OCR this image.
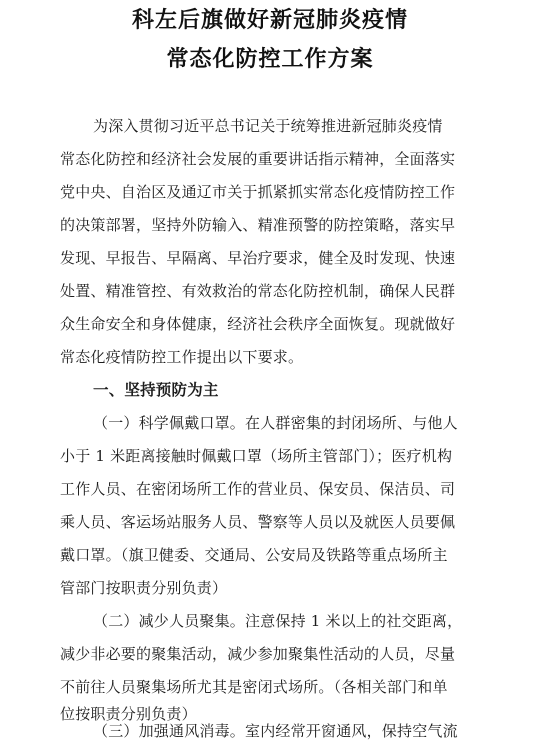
科左后旗做好新冠肺炎疫情
常态化防控工作方案
为深入贯彻习近平总书记关于统筹推进新冠肺炎疫情
常态化防控和经济社会发展的重要讲话指示精神，全面落实
党中央、自治区及通辽市关于抓紧抓实常态化疫情防控工作
的决策部署，坚持外防输入、精准预警的防控策略，落实早
发现、早报告、早隔离、早治疗要求，健全及时发现、快速
处置、精准管控、有效救治的常态化防控机制，确保人民群
众生命安全和身体健康，经济社会秩序全面恢复。现就做好
常态化疫情防控工作提出以下要求。
一、坚持预防为主
（一）科学佩戴口罩。在人群密集的封闭场所、与他人
小于 1 米距离接触时佩戴口罩（场所主管部门）；医疗机构
工作人员、在密闭场所工作的营业员、保安员、保洁员、司
乘人员、客运场站服务人员、警察等人员以及就医人员要佩
戴口罩。（旗卫健委、交通局、公安局及铁路等重点场所主
管部门按职责分别负责）
（二）减少人员聚集。注意保持 1 米以上的社交距离，
减少非必要的聚集活动，减少参加聚集性活动的人员，尽量
不前往人员聚集场所尤其是密闭式场所。（各相关部门和单
位按职责分别负责）
（三）加强通风消毒。室内经常开窗通风，保持空气流
